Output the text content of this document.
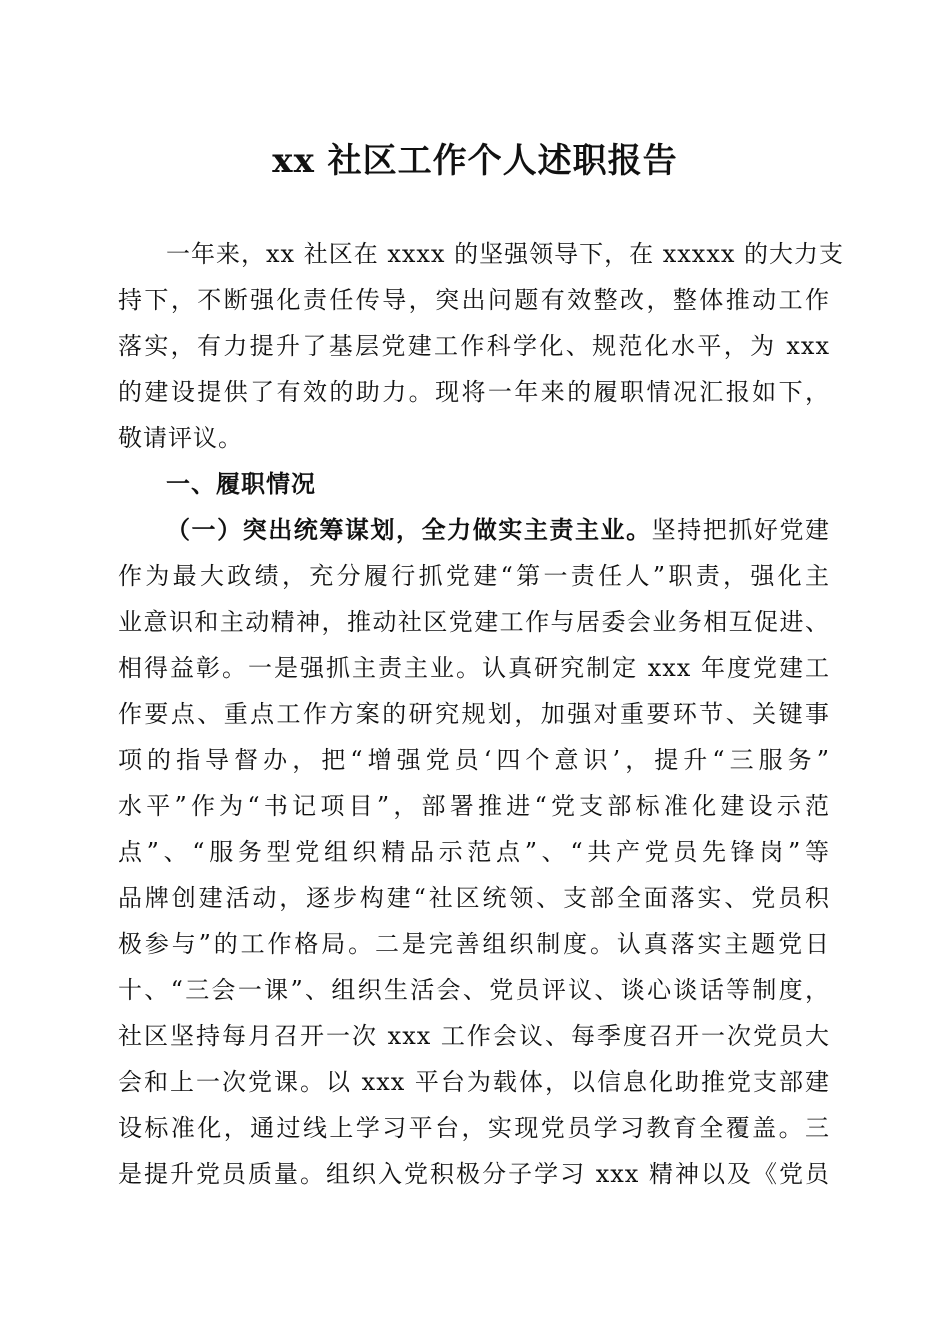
xx 社区工作个人述职报告
一年来，xx 社区在 xxxx 的坚强领导下，在 xxxxx 的大力支
持下，不断强化责任传导，突出问题有效整改，整体推动工作
落实，有力提升了基层党建工作科学化、规范化水平，为 xxx
的建设提供了有效的助力。现将一年来的履职情况汇报如下，
敬请评议。
一、履职情况
（一）突出统筹谋划，全力做实主责主业。坚持把抓好党建
作为最大政绩，充分履行抓党建“第一责任人”职责，强化主
业意识和主动精神，推动社区党建工作与居委会业务相互促进、
相得益彰。一是强抓主责主业。认真研究制定 xxx 年度党建工
作要点、重点工作方案的研究规划，加强对重要环节、关键事
项的指导督办，把“增强党员‘四个意识’，提升“三服务”
水平”作为“书记项目”，部署推进“党支部标准化建设示范
点”、“服务型党组织精品示范点”、“共产党员先锋岗”等
品牌创建活动，逐步构建“社区统领、支部全面落实、党员积
极参与”的工作格局。二是完善组织制度。认真落实主题党日
十、“三会一课”、组织生活会、党员评议、谈心谈话等制度，
社区坚持每月召开一次 xxx 工作会议、每季度召开一次党员大
会和上一次党课。以 xxx 平台为载体，以信息化助推党支部建
设标准化，通过线上学习平台，实现党员学习教育全覆盖。三
是提升党员质量。组织入党积极分子学习 xxx 精神以及《党员
